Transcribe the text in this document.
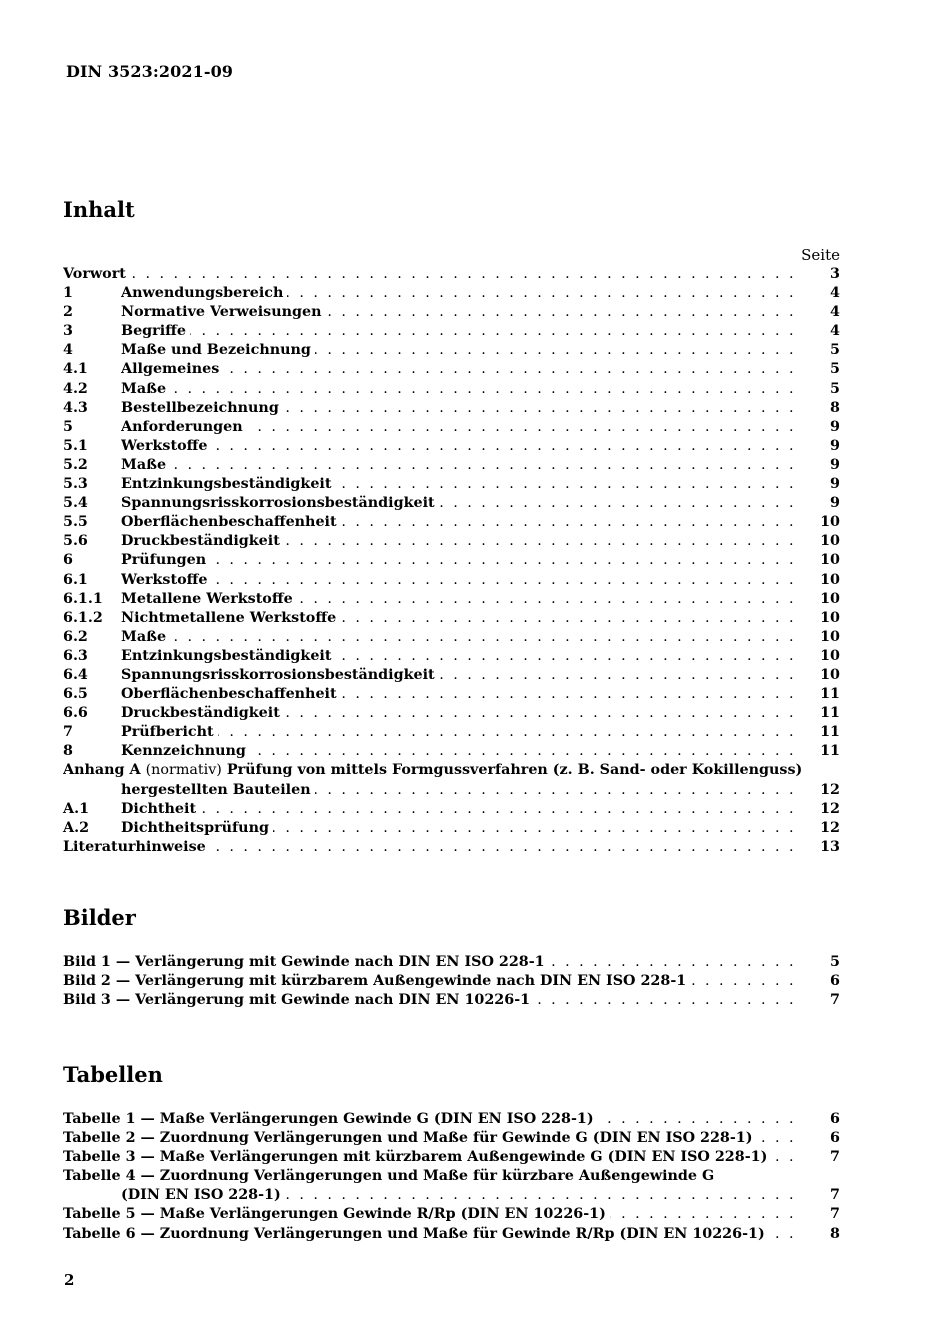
DIN 3523:2021-09
Inhalt
Seite
Vorwort . . .	3
1	Anwendungsbereich . . .	4
2	Normative Verweisungen . . .	4
3	Begriffe . . .	4
4	Maße und Bezeichnung . . .	5
4.1 Allgemeines . . .	5
4.2 Maße . . .	5
4.3 Bestellbezeichnung . . .	8
5	Anforderungen . . .	9
5.1 Werkstoffe . . .	9
5.2 Maße . . .	9
5.3 Entzinkungsbeständigkeit . . .	9
5.4 Spannungsrisskorrosionsbeständigkeit . . .	9
5.5 Oberflächenbeschaffenheit . . .	10
5.6 Druckbeständigkeit . . .	10
6	Prüfungen . . .	10
6.1 Werkstoffe . . .	10
6.1.1 Metallene Werkstoffe . . .	10
6.1.2 Nichtmetallene Werkstoffe . . .	10
6.2 Maße . . .	10
6.3 Entzinkungsbeständigkeit . . .	10
6.4 Spannungsrisskorrosionsbeständigkeit . . .	10
6.5 Oberflächenbeschaffenheit . . .	11
6.6 Druckbeständigkeit . . .	11
7	Prüfbericht . . .	11
8	Kennzeichnung . . .	11
Anhang A (normativ) Prüfung von mittels Formgussverfahren (z. B. Sand- oder Kokillenguss)
hergestellten Bauteilen . . .	12
A.1 Dichtheit . . .	12
A.2 Dichtheitsprüfung . . .	12
Literaturhinweise . . .	13
Bilder
Bild 1 — Verlängerung mit Gewinde nach DIN EN ISO 228-1 . . .	5
Bild 2 — Verlängerung mit kürzbarem Außengewinde nach DIN EN ISO 228-1 . . .	6
Bild 3 — Verlängerung mit Gewinde nach DIN EN 10226-1 . . .	7
Tabellen
Tabelle 1 — Maße Verlängerungen Gewinde G (DIN EN ISO 228-1) . . .	6
Tabelle 2 — Zuordnung Verlängerungen und Maße für Gewinde G (DIN EN ISO 228-1) . . .	6
Tabelle 3 — Maße Verlängerungen mit kürzbarem Außengewinde G (DIN EN ISO 228-1) . . .	7
Tabelle 4 — Zuordnung Verlängerungen und Maße für kürzbare Außengewinde G
(DIN EN ISO 228-1) . . .	7
Tabelle 5 — Maße Verlängerungen Gewinde R/Rp (DIN EN 10226-1) . . .	7
Tabelle 6 — Zuordnung Verlängerungen und Maße für Gewinde R/Rp (DIN EN 10226-1) . . .	8
2
